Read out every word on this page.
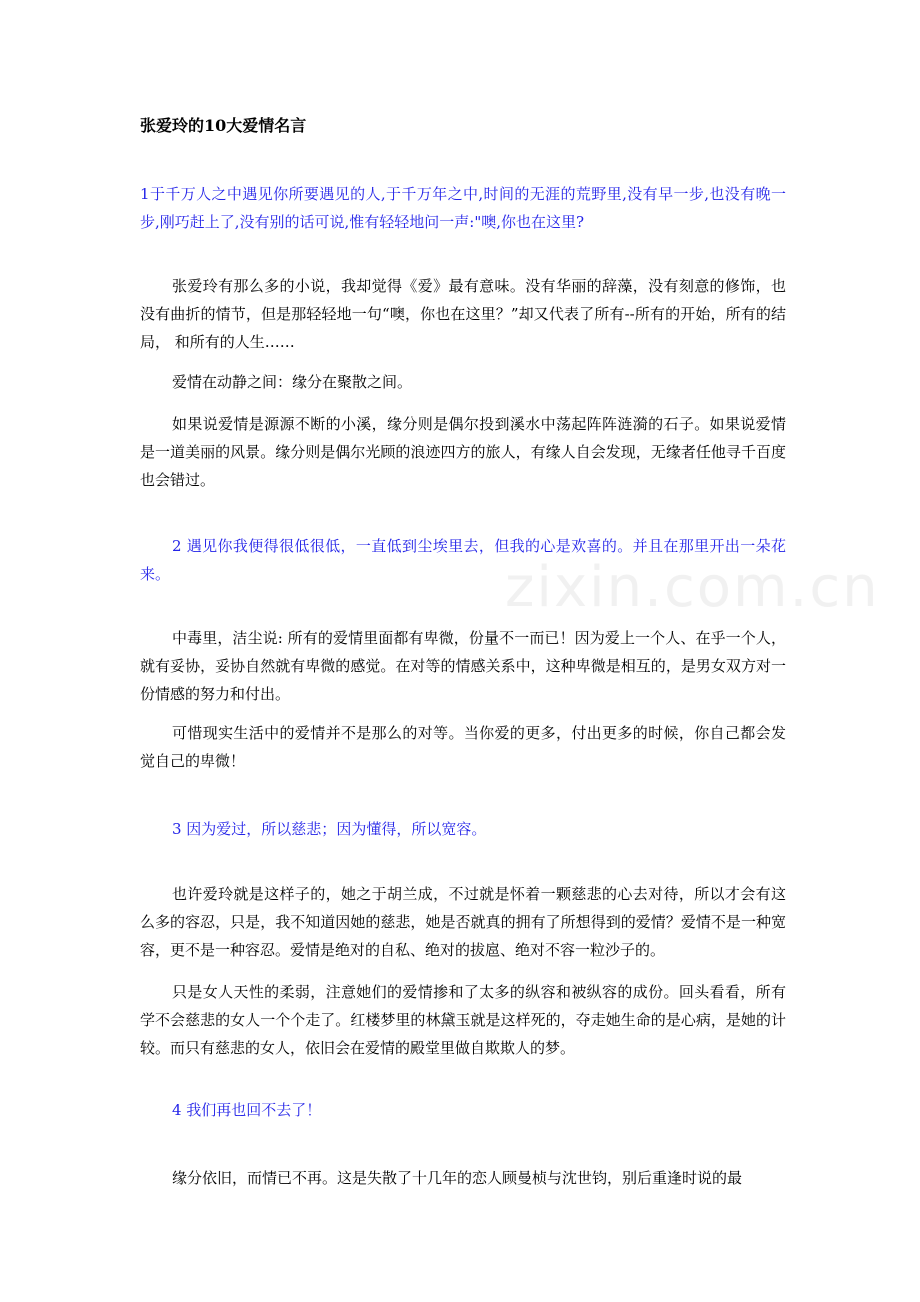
zixin.com.cn
张爱玲的10大爱情名言

1于千万人之中遇见你所要遇见的人,于千万年之中,时间的无涯的荒野里,没有早一步,也没有晚一步,刚巧赶上了,没有别的话可说,惟有轻轻地问一声:"噢,你也在这里?

张爱玲有那么多的小说，我却觉得《爱》最有意味。没有华丽的辞藻，没有刻意的修饰，也没有曲折的情节，但是那轻轻地一句“噢，你也在这里？”却又代表了所有--所有的开始，所有的结局， 和所有的人生……

爱情在动静之间：缘分在聚散之间。

如果说爱情是源源不断的小溪，缘分则是偶尔投到溪水中荡起阵阵涟漪的石子。如果说爱情是一道美丽的风景。缘分则是偶尔光顾的浪迹四方的旅人，有缘人自会发现，无缘者任他寻千百度也会错过。

2 遇见你我便得很低很低，一直低到尘埃里去，但我的心是欢喜的。并且在那里开出一朵花来。

中毒里，洁尘说: 所有的爱情里面都有卑微，份量不一而已！因为爱上一个人、在乎一个人，就有妥协，妥协自然就有卑微的感觉。在对等的情感关系中，这种卑微是相互的，是男女双方对一份情感的努力和付出。

可惜现实生活中的爱情并不是那么的对等。当你爱的更多，付出更多的时候，你自己都会发觉自己的卑微！

3 因为爱过，所以慈悲；因为懂得，所以宽容。

也许爱玲就是这样子的，她之于胡兰成，不过就是怀着一颗慈悲的心去对待，所以才会有这么多的容忍，只是，我不知道因她的慈悲，她是否就真的拥有了所想得到的爱情？爱情不是一种宽容，更不是一种容忍。爱情是绝对的自私、绝对的拔扈、绝对不容一粒沙子的。

只是女人天性的柔弱，注意她们的爱情掺和了太多的纵容和被纵容的成份。回头看看，所有学不会慈悲的女人一个个走了。红楼梦里的林黛玉就是这样死的，夺走她生命的是心病，是她的计较。而只有慈悲的女人，依旧会在爱情的殿堂里做自欺欺人的梦。

4 我们再也回不去了！

缘分依旧，而情已不再。这是失散了十几年的恋人顾曼桢与沈世钧，别后重逢时说的最
